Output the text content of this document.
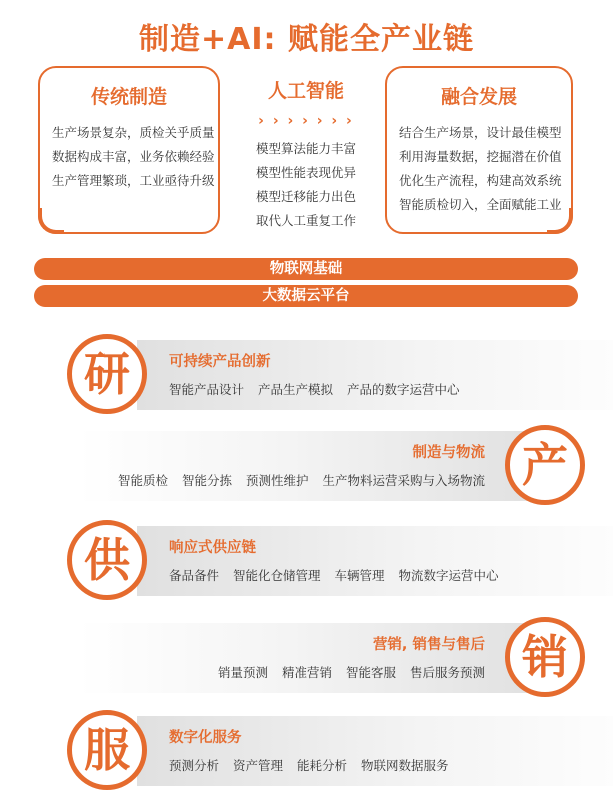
制造+AI: 赋能全产业链
传统制造
生产场景复杂，质检关乎质量
数据构成丰富，业务依赖经验
生产管理繁琐，工业亟待升级
人工智能
› › › › › › ›
模型算法能力丰富
模型性能表现优异
模型迁移能力出色
取代人工重复工作
融合发展
结合生产场景，设计最佳模型
利用海量数据，挖掘潜在价值
优化生产流程，构建高效系统
智能质检切入，全面赋能工业
物联网基础
大数据云平台
研	可持续产品创新
智能产品设计 产品生产模拟 产品的数字运营中心
产
制造与物流
智能质检 智能分拣 预测性维护 生产物料运营采购与入场物流
供	响应式供应链
备品备件 智能化仓储管理 车辆管理 物流数字运营中心
销
营销, 销售与售后
销量预测 精准营销 智能客服 售后服务预测
服	数字化服务
预测分析 资产管理 能耗分析 物联网数据服务
